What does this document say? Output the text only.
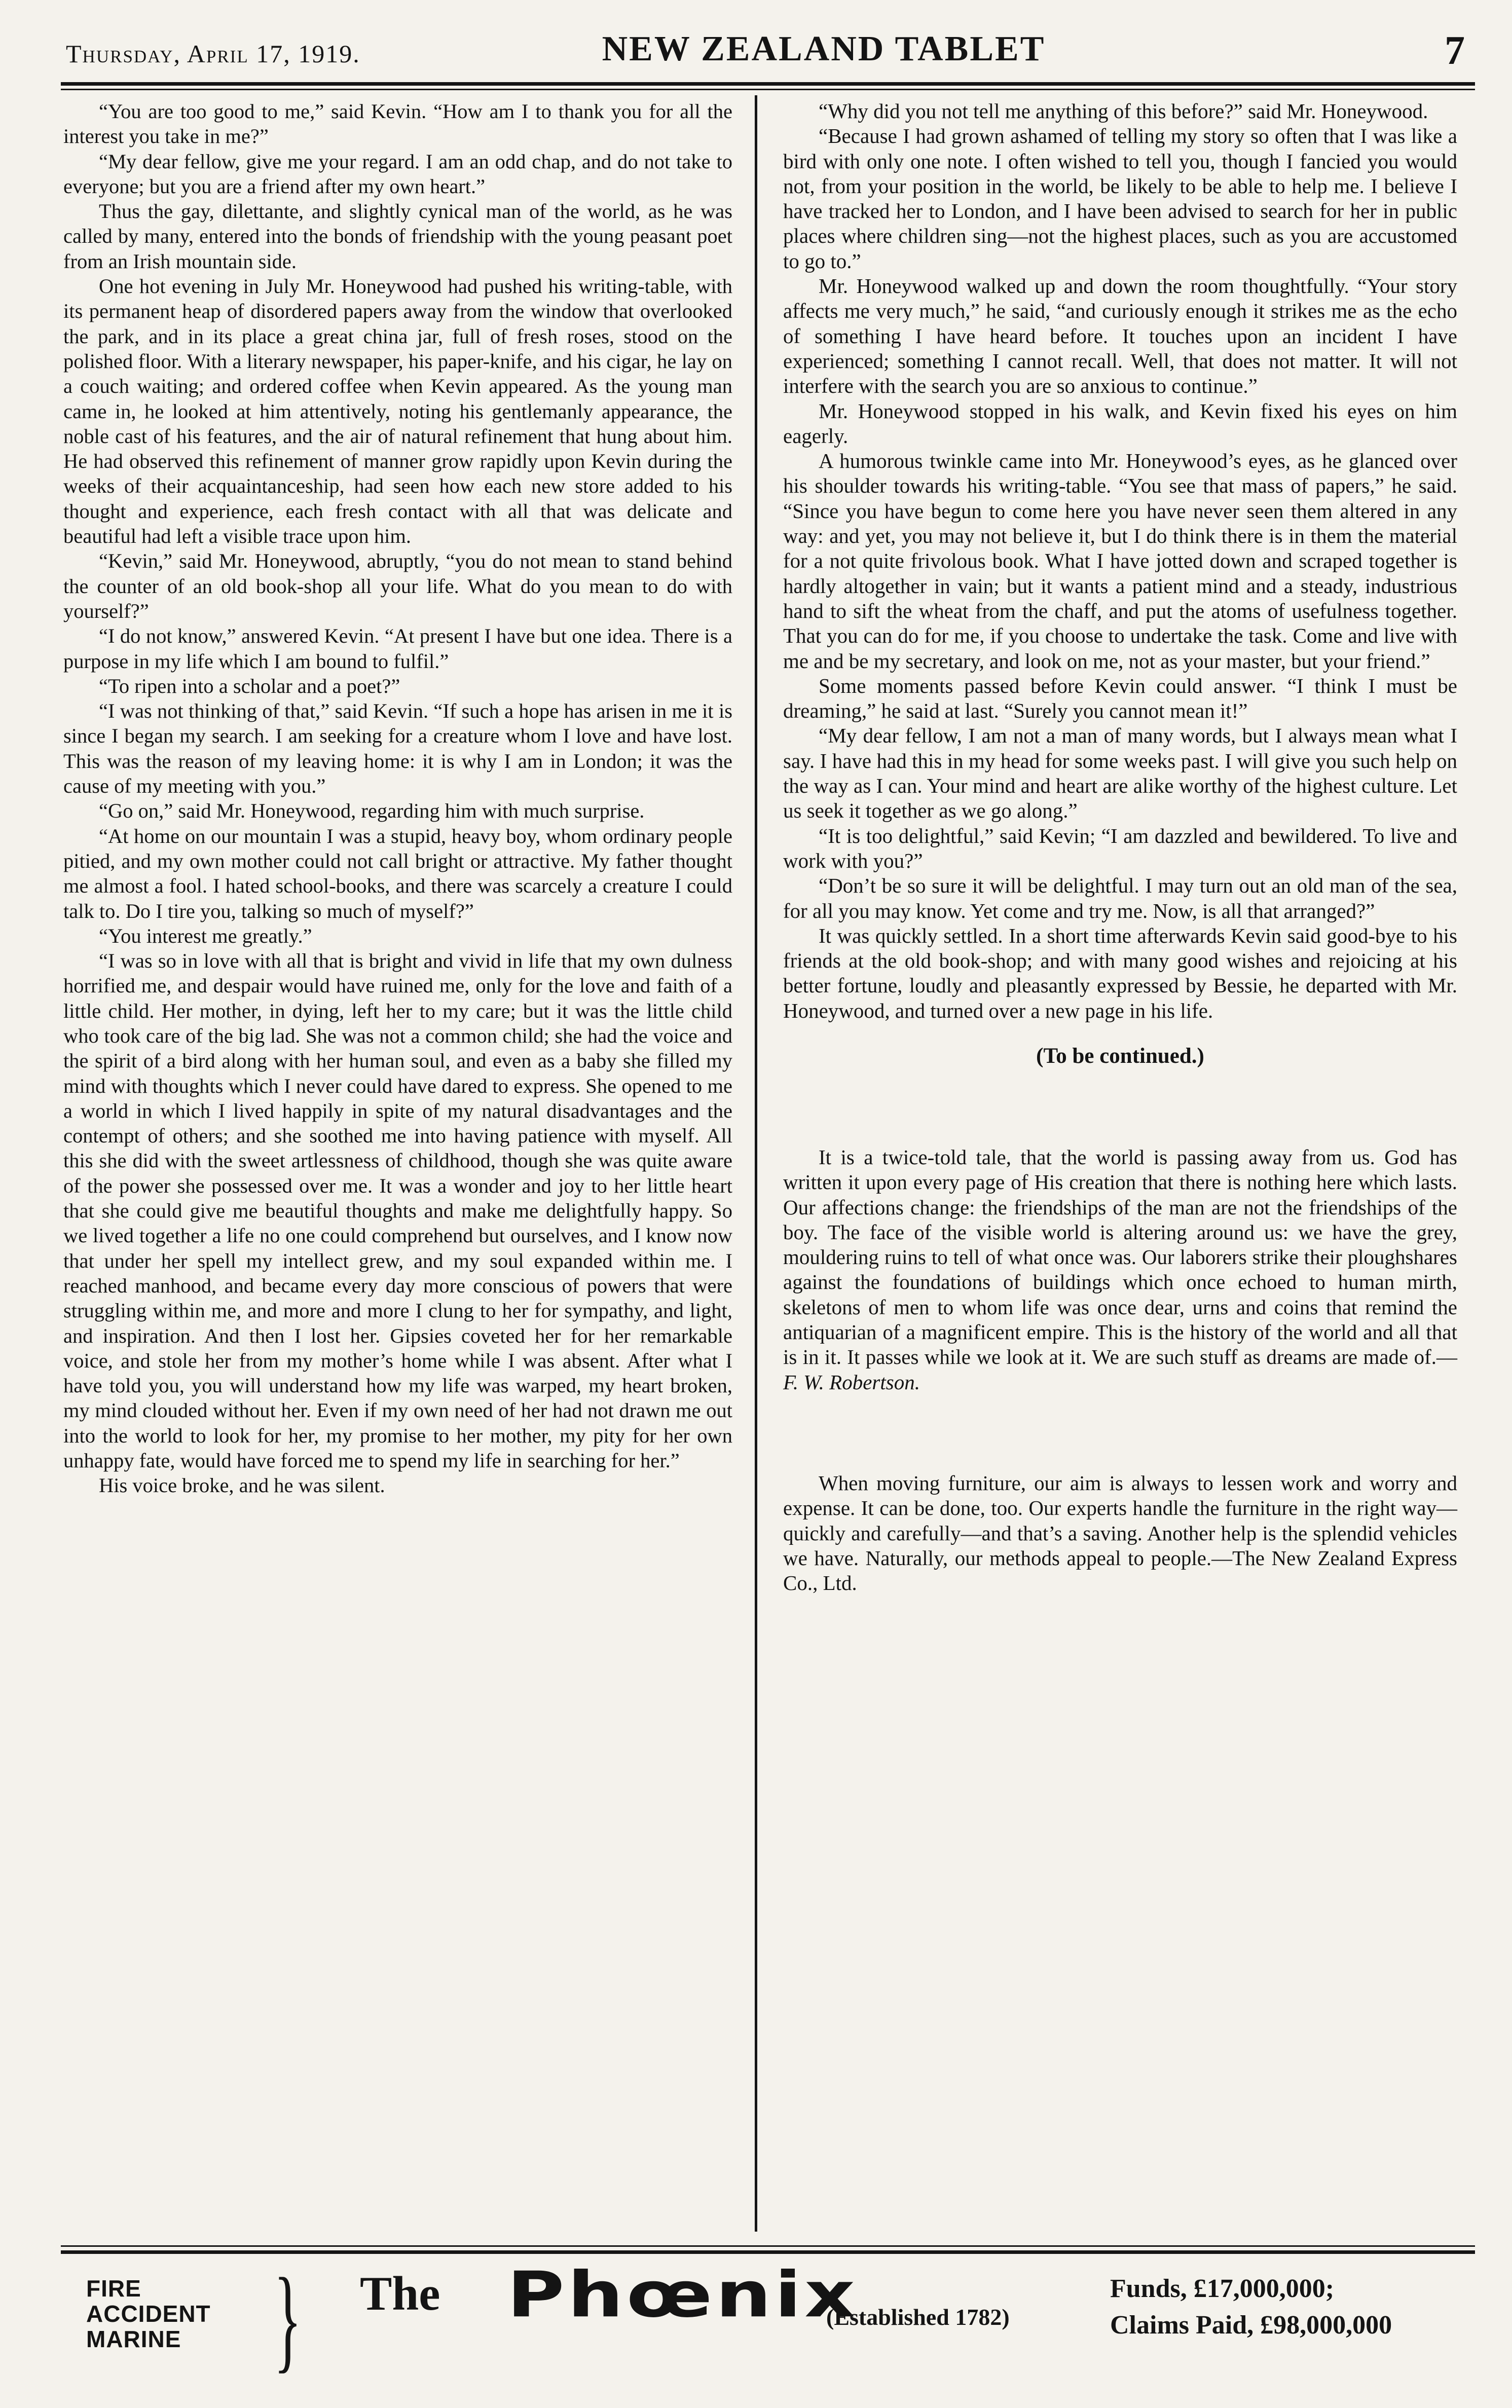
Thursday, April 17, 1919.	NEW ZEALAND TABLET	7

“You are too good to me,” said Kevin. “How am I to thank you for all the interest you take in me?”

“My dear fellow, give me your regard. I am an odd chap, and do not take to everyone; but you are a friend after my own heart.”

Thus the gay, dilettante, and slightly cynical man of the world, as he was called by many, entered into the bonds of friendship with the young peasant poet from an Irish mountain side.

One hot evening in July Mr. Honeywood had pushed his writing-table, with its permanent heap of disordered papers away from the window that overlooked the park, and in its place a great china jar, full of fresh roses, stood on the polished floor. With a literary newspaper, his paper-knife, and his cigar, he lay on a couch waiting; and ordered coffee when Kevin appeared. As the young man came in, he looked at him attentively, noting his gentlemanly appearance, the noble cast of his features, and the air of natural refinement that hung about him. He had observed this refinement of manner grow rapidly upon Kevin during the weeks of their acquaintanceship, had seen how each new store added to his thought and experience, each fresh contact with all that was delicate and beautiful had left a visible trace upon him.

“Kevin,” said Mr. Honeywood, abruptly, “you do not mean to stand behind the counter of an old book-shop all your life. What do you mean to do with yourself?”

“I do not know,” answered Kevin. “At present I have but one idea. There is a purpose in my life which I am bound to fulfil.”

“To ripen into a scholar and a poet?”

“I was not thinking of that,” said Kevin. “If such a hope has arisen in me it is since I began my search. I am seeking for a creature whom I love and have lost. This was the reason of my leaving home: it is why I am in London; it was the cause of my meeting with you.”

“Go on,” said Mr. Honeywood, regarding him with much surprise.

“At home on our mountain I was a stupid, heavy boy, whom ordinary people pitied, and my own mother could not call bright or attractive. My father thought me almost a fool. I hated school-books, and there was scarcely a creature I could talk to. Do I tire you, talking so much of myself?”

“You interest me greatly.”

“I was so in love with all that is bright and vivid in life that my own dulness horrified me, and despair would have ruined me, only for the love and faith of a little child. Her mother, in dying, left her to my care; but it was the little child who took care of the big lad. She was not a common child; she had the voice and the spirit of a bird along with her human soul, and even as a baby she filled my mind with thoughts which I never could have dared to express. She opened to me a world in which I lived happily in spite of my natural disadvantages and the contempt of others; and she soothed me into having patience with myself. All this she did with the sweet artlessness of childhood, though she was quite aware of the power she possessed over me. It was a wonder and joy to her little heart that she could give me beautiful thoughts and make me delightfully happy. So we lived together a life no one could comprehend but ourselves, and I know now that under her spell my intellect grew, and my soul expanded within me. I reached manhood, and became every day more conscious of powers that were struggling within me, and more and more I clung to her for sympathy, and light, and inspiration. And then I lost her. Gipsies coveted her for her remarkable voice, and stole her from my mother’s home while I was absent. After what I have told you, you will understand how my life was warped, my heart broken, my mind clouded without her. Even if my own need of her had not drawn me out into the world to look for her, my promise to her mother, my pity for her own unhappy fate, would have forced me to spend my life in searching for her.”

His voice broke, and he was silent.

“Why did you not tell me anything of this before?” said Mr. Honeywood.

“Because I had grown ashamed of telling my story so often that I was like a bird with only one note. I often wished to tell you, though I fancied you would not, from your position in the world, be likely to be able to help me. I believe I have tracked her to London, and I have been advised to search for her in public places where children sing—not the highest places, such as you are accustomed to go to.”

Mr. Honeywood walked up and down the room thoughtfully. “Your story affects me very much,” he said, “and curiously enough it strikes me as the echo of something I have heard before. It touches upon an incident I have experienced; something I cannot recall. Well, that does not matter. It will not interfere with the search you are so anxious to continue.”

Mr. Honeywood stopped in his walk, and Kevin fixed his eyes on him eagerly.

A humorous twinkle came into Mr. Honeywood’s eyes, as he glanced over his shoulder towards his writing-table. “You see that mass of papers,” he said. “Since you have begun to come here you have never seen them altered in any way: and yet, you may not believe it, but I do think there is in them the material for a not quite frivolous book. What I have jotted down and scraped together is hardly altogether in vain; but it wants a patient mind and a steady, industrious hand to sift the wheat from the chaff, and put the atoms of usefulness together. That you can do for me, if you choose to undertake the task. Come and live with me and be my secretary, and look on me, not as your master, but your friend.”

Some moments passed before Kevin could answer. “I think I must be dreaming,” he said at last. “Surely you cannot mean it!”

“My dear fellow, I am not a man of many words, but I always mean what I say. I have had this in my head for some weeks past. I will give you such help on the way as I can. Your mind and heart are alike worthy of the highest culture. Let us seek it together as we go along.”

“It is too delightful,” said Kevin; “I am dazzled and bewildered. To live and work with you?”

“Don’t be so sure it will be delightful. I may turn out an old man of the sea, for all you may know. Yet come and try me. Now, is all that arranged?”

It was quickly settled. In a short time afterwards Kevin said good-bye to his friends at the old book-shop; and with many good wishes and rejoicing at his better fortune, loudly and pleasantly expressed by Bessie, he departed with Mr. Honeywood, and turned over a new page in his life.

(To be continued.)

It is a twice-told tale, that the world is passing away from us. God has written it upon every page of His creation that there is nothing here which lasts. Our affections change: the friendships of the man are not the friendships of the boy. The face of the visible world is altering around us: we have the grey, mouldering ruins to tell of what once was. Our laborers strike their ploughshares against the foundations of buildings which once echoed to human mirth, skeletons of men to whom life was once dear, urns and coins that remind the antiquarian of a magnificent empire. This is the history of the world and all that is in it. It passes while we look at it. We are such stuff as dreams are made of.—F. W. Robertson.

When moving furniture, our aim is always to lessen work and worry and expense. It can be done, too. Our experts handle the furniture in the right way—quickly and carefully—and that’s a saving. Another help is the splendid vehicles we have. Naturally, our methods appeal to people.—The New Zealand Express Co., Ltd.

FIRE
ACCIDENT
MARINE } The Phœnix
(Established 1782)
Funds, £17,000,000;
Claims Paid, £98,000,000
